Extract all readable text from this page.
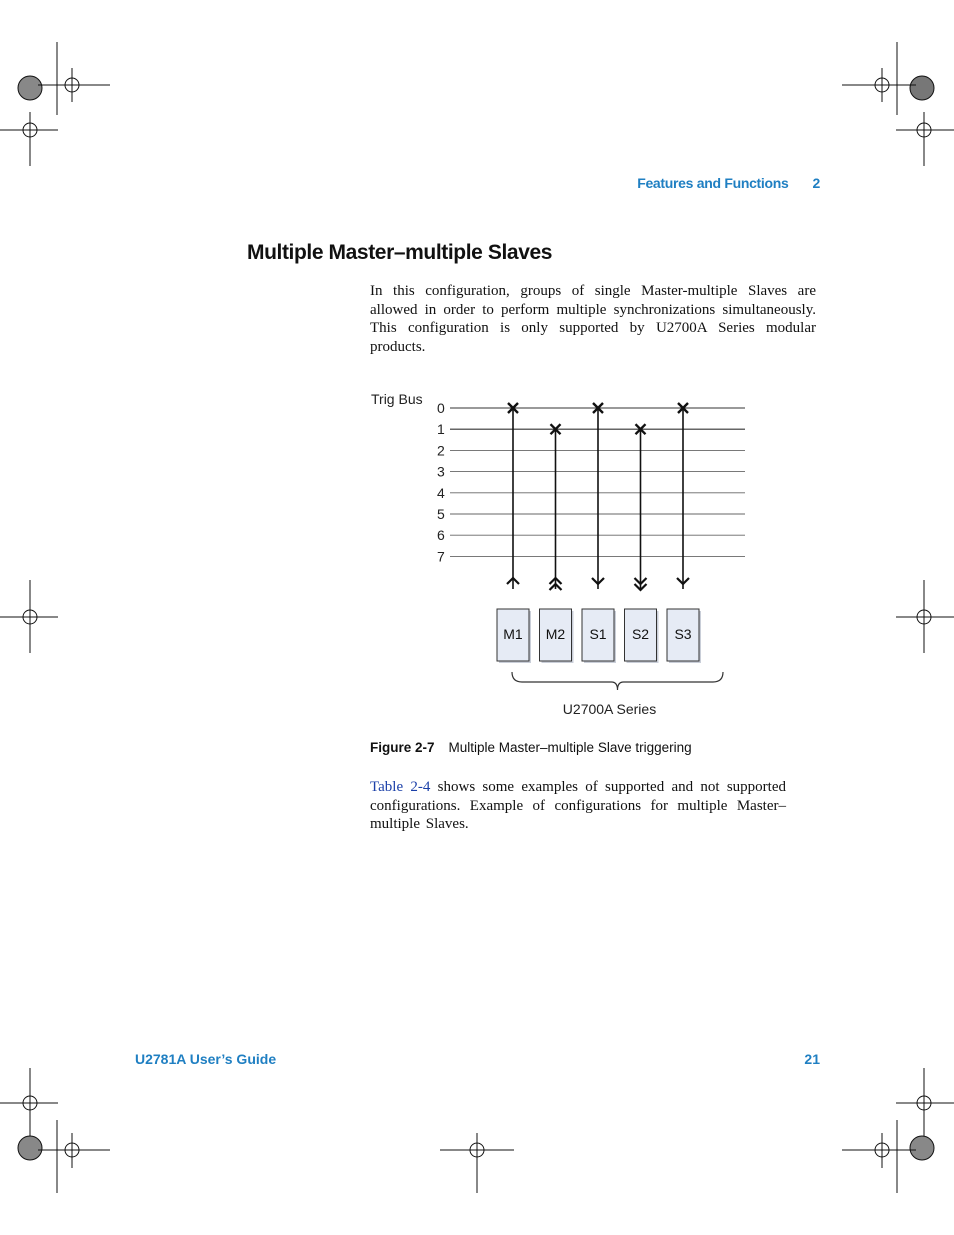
Features and Functions 2
Multiple Master–multiple Slaves

In this configuration, groups of single Master-multiple Slaves are allowed in order to perform multiple synchronizations simultaneously. This configuration is only supported by U2700A Series modular products.

Trig Bus
0
1
2
3
4
5
6
7
M1 M2 S1 S2 S3
U2700A Series
Figure 2-7 Multiple Master–multiple Slave triggering

Table 2-4 shows some examples of supported and not supported configurations. Example of configurations for multiple Master–multiple Slaves.

U2781A User’s Guide	21
